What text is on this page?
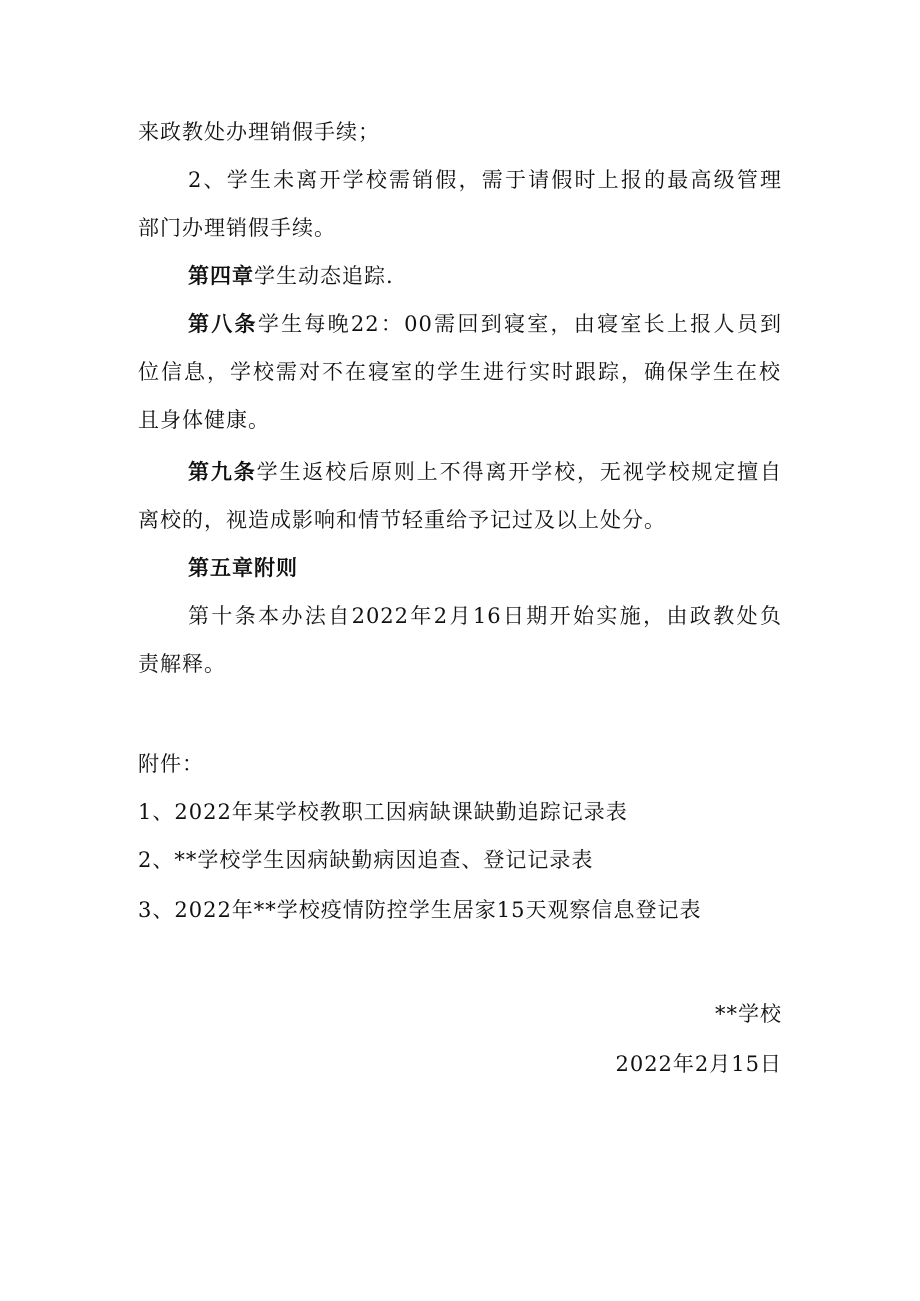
来政教处办理销假手续；
2、学生未离开学校需销假，需于请假时上报的最高级管理
部门办理销假手续。
第四章学生动态追踪.
第八条学生每晚22：00需回到寝室，由寝室长上报人员到
位信息，学校需对不在寝室的学生进行实时跟踪，确保学生在校
且身体健康。
第九条学生返校后原则上不得离开学校，无视学校规定擅自
离校的，视造成影响和情节轻重给予记过及以上处分。
第五章附则
第十条本办法自2022年2月16日期开始实施，由政教处负
责解释。
附件：
1、2022年某学校教职工因病缺课缺勤追踪记录表
2、**学校学生因病缺勤病因追查、登记记录表
3、2022年**学校疫情防控学生居家15天观察信息登记表
**学校
2022年2月15日
